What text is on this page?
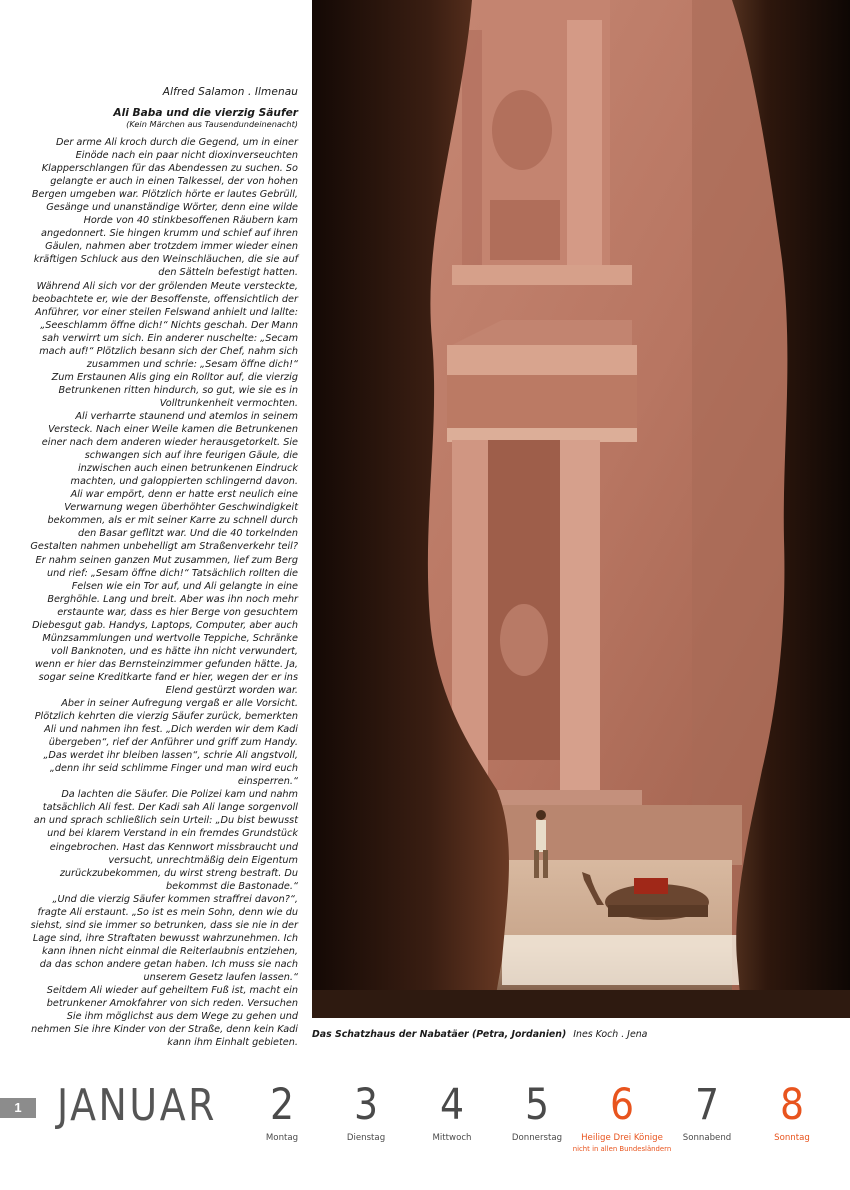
Alfred Salamon . Ilmenau
Ali Baba und die vierzig Säufer
(Kein Märchen aus Tausendundeinenacht)

Der arme Ali kroch durch die Gegend, um in einer Einöde nach ein paar nicht dioxinverseuchten Klapperschlangen für das Abendessen zu suchen. So gelangte er auch in einen Talkessel, der von hohen Bergen umgeben war. Plötzlich hörte er lautes Gebrüll, Gesänge und unanständige Wörter, denn eine wilde Horde von 40 stinkbesoffenen Räubern kam angedonnert. Sie hingen krumm und schief auf ihren Gäulen, nahmen aber trotzdem immer wieder einen kräftigen Schluck aus den Weinschläuchen, die sie auf den Sätteln befestigt hatten.

Während Ali sich vor der grölenden Meute versteckte, beobachtete er, wie der Besoffenste, offensichtlich der Anführer, vor einer steilen Felswand anhielt und lallte: „Seeschlamm öffne dich!“ Nichts geschah. Der Mann sah verwirrt um sich. Ein anderer nuschelte: „Secam mach auf!“ Plötzlich besann sich der Chef, nahm sich zusammen und schrie: „Sesam öffne dich!“

Zum Erstaunen Alis ging ein Rolltor auf, die vierzig Betrunkenen ritten hindurch, so gut, wie sie es in Volltrunkenheit vermochten.

Ali verharrte staunend und atemlos in seinem Versteck. Nach einer Weile kamen die Betrunkenen einer nach dem anderen wieder herausgetorkelt. Sie schwangen sich auf ihre feurigen Gäule, die inzwischen auch einen betrunkenen Eindruck machten, und galoppierten schlingernd davon.

Ali war empört, denn er hatte erst neulich eine Verwarnung wegen überhöhter Geschwindigkeit bekommen, als er mit seiner Karre zu schnell durch den Basar geflitzt war. Und die 40 torkelnden Gestalten nahmen unbehelligt am Straßenverkehr teil?

Er nahm seinen ganzen Mut zusammen, lief zum Berg und rief: „Sesam öffne dich!“ Tatsächlich rollten die Felsen wie ein Tor auf, und Ali gelangte in eine Berghöhle. Lang und breit. Aber was ihn noch mehr erstaunte war, dass es hier Berge von gesuchtem Diebesgut gab. Handys, Laptops, Computer, aber auch Münzsammlungen und wertvolle Teppiche, Schränke voll Banknoten, und es hätte ihn nicht verwundert, wenn er hier das Bernsteinzimmer gefunden hätte. Ja, sogar seine Kreditkarte fand er hier, wegen der er ins Elend gestürzt worden war.

Aber in seiner Aufregung vergaß er alle Vorsicht. Plötzlich kehrten die vierzig Säufer zurück, bemerkten Ali und nahmen ihn fest. „Dich werden wir dem Kadi übergeben“, rief der Anführer und griff zum Handy. „Das werdet ihr bleiben lassen“, schrie Ali angstvoll, „denn ihr seid schlimme Finger und man wird euch einsperren.“

Da lachten die Säufer. Die Polizei kam und nahm tatsächlich Ali fest. Der Kadi sah Ali lange sorgenvoll an und sprach schließlich sein Urteil: „Du bist bewusst und bei klarem Verstand in ein fremdes Grundstück eingebrochen. Hast das Kennwort missbraucht und versucht, unrechtmäßig dein Eigentum zurückzubekommen, du wirst streng bestraft. Du bekommst die Bastonade.“

„Und die vierzig Säufer kommen straffrei davon?“, fragte Ali erstaunt. „So ist es mein Sohn, denn wie du siehst, sind sie immer so betrunken, dass sie nie in der Lage sind, ihre Straftaten bewusst wahrzunehmen. Ich kann ihnen nicht einmal die Reiterlaubnis entziehen, da das schon andere getan haben. Ich muss sie nach unserem Gesetz laufen lassen.“

Seitdem Ali wieder auf geheiltem Fuß ist, macht ein betrunkener Amokfahrer von sich reden. Versuchen Sie ihm möglichst aus dem Wege zu gehen und nehmen Sie ihre Kinder von der Straße, denn kein Kadi kann ihm Einhalt gebieten.

Das Schatzhaus der Nabatäer (Petra, Jordanien) Ines Koch . Jena
1 JANUAR	2
Montag
3
Dienstag
4
Mittwoch
5
Donnerstag
6
Heilige Drei Könige
nicht in allen Bundesländern
7
Sonnabend
8
Sonntag
